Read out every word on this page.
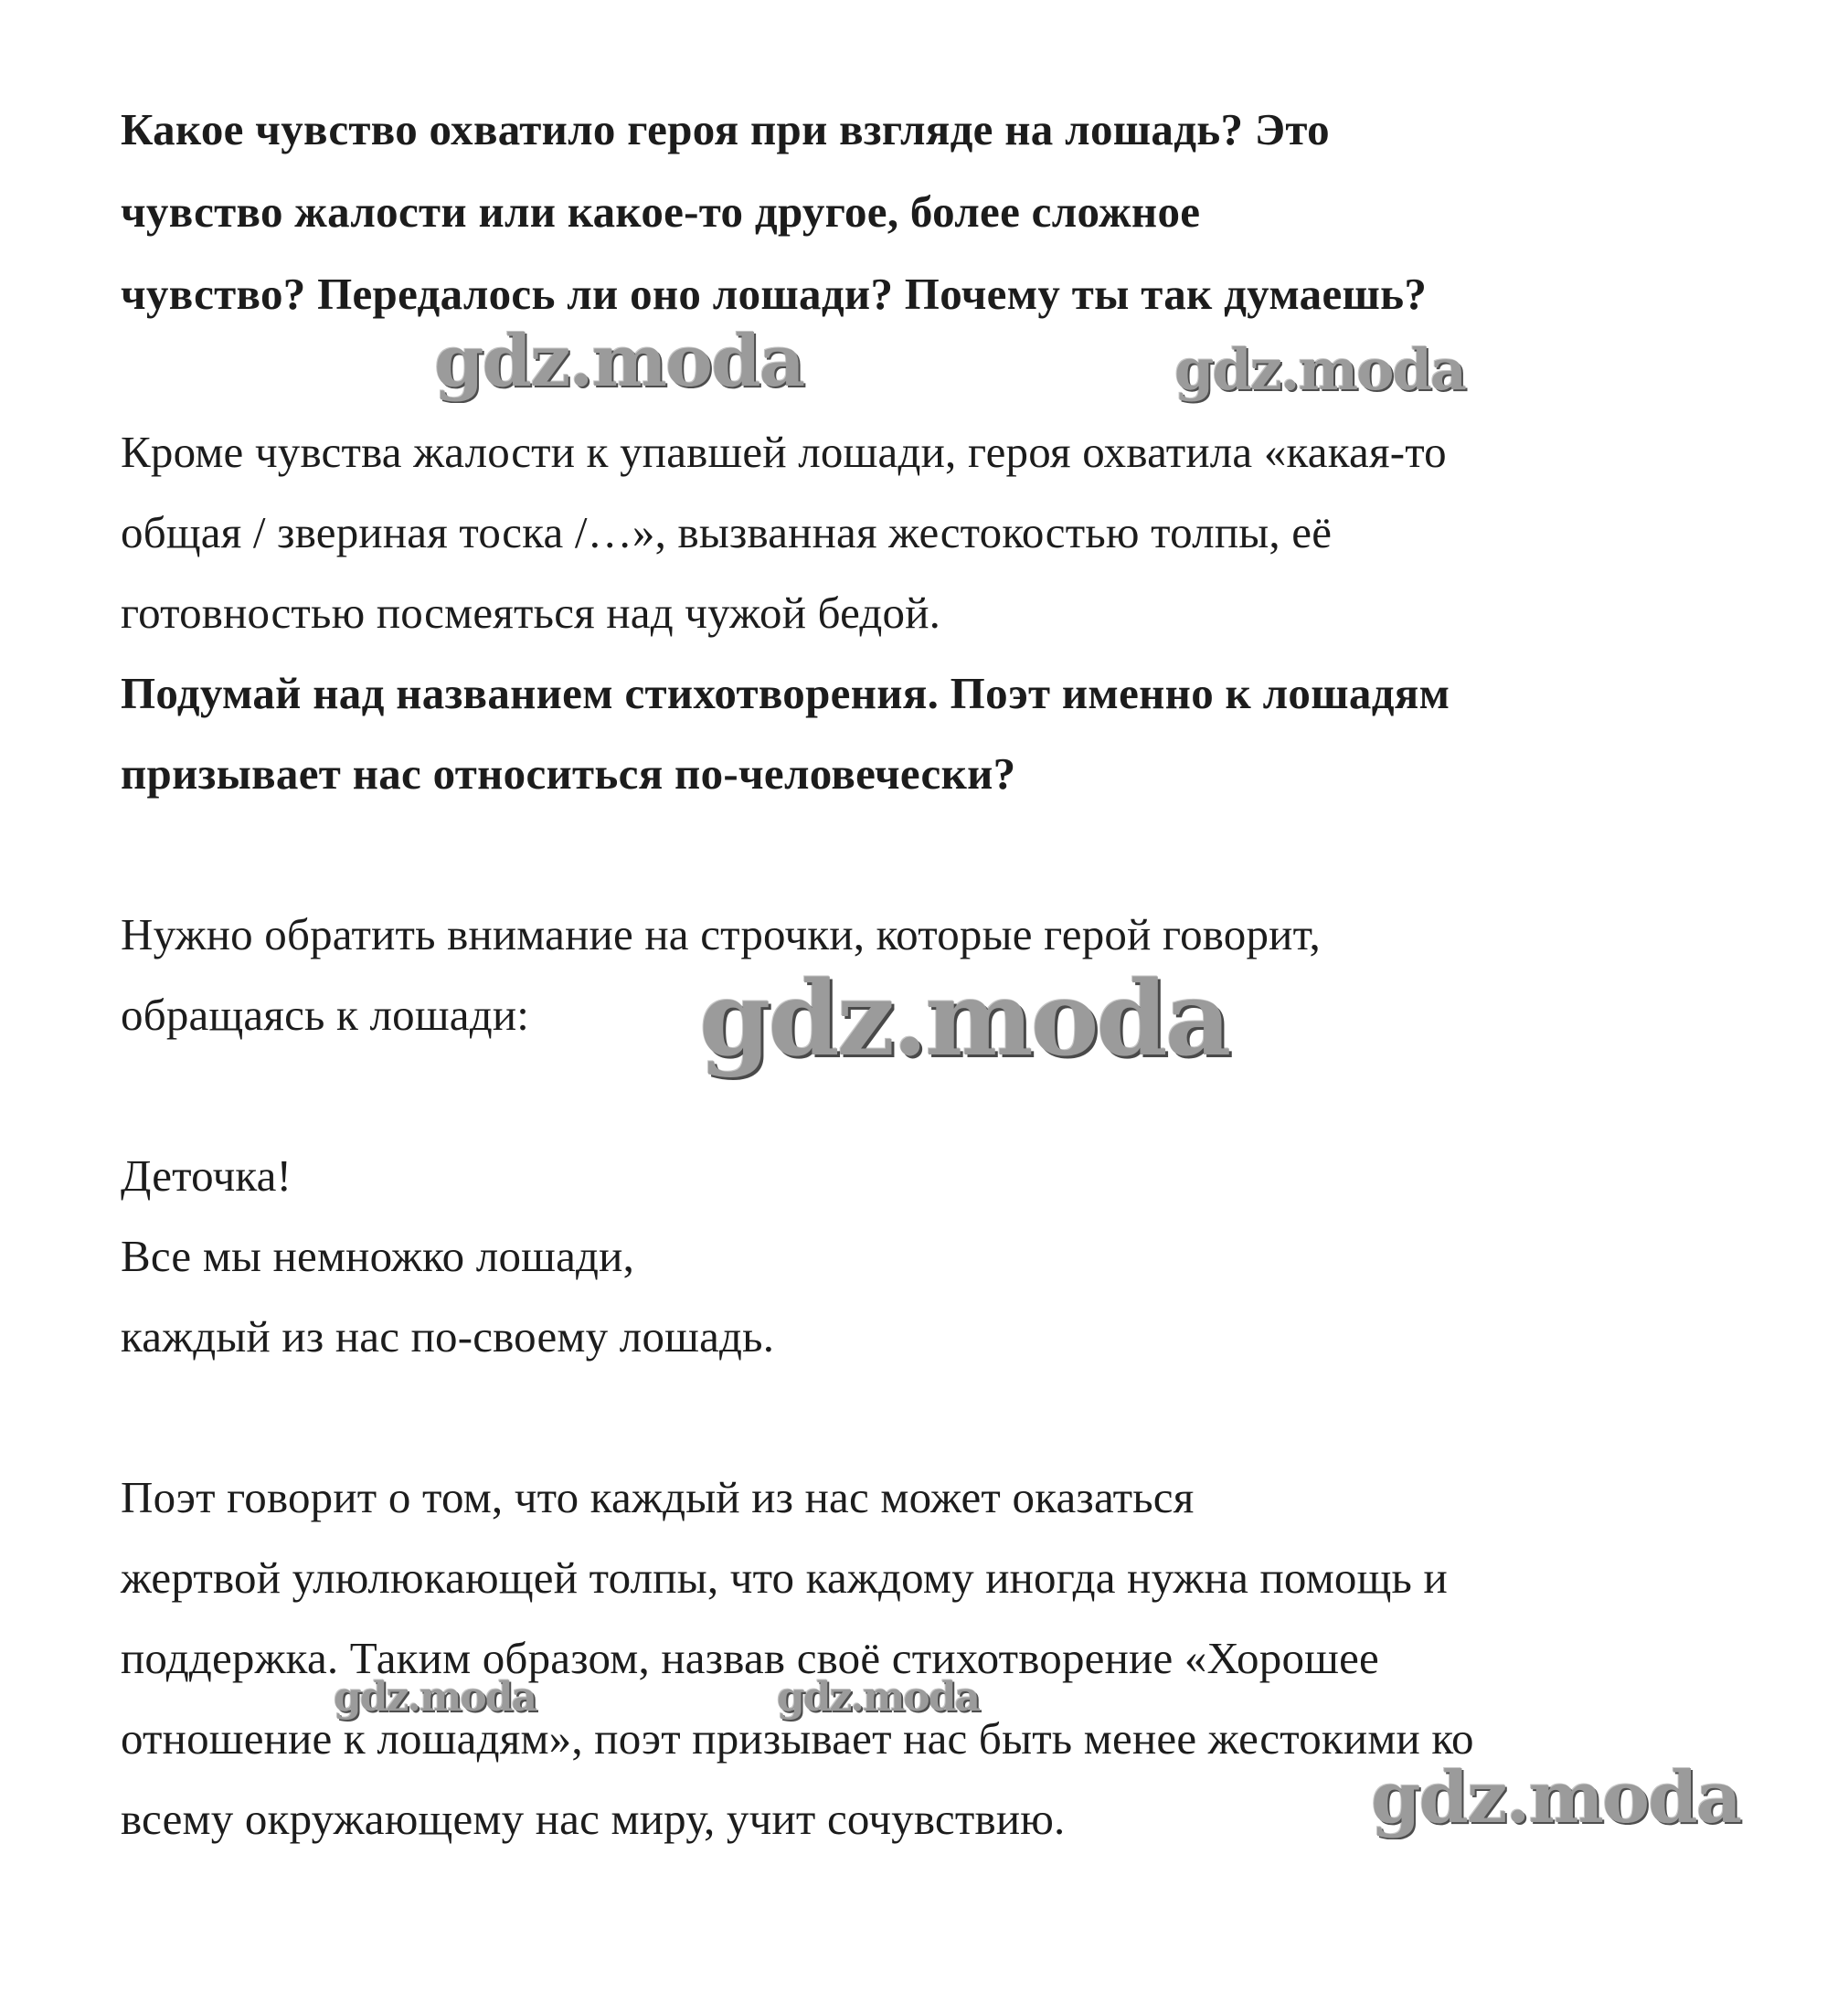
Какое чувство охватило героя при взгляде на лошадь? Это
чувство жалости или какое-то другое, более сложное
чувство? Передалось ли оно лошади? Почему ты так думаешь?
Кроме чувства жалости к упавшей лошади, героя охватила «какая-то
общая / звериная тоска /…», вызванная жестокостью толпы, её
готовностью посмеяться над чужой бедой.
Подумай над названием стихотворения. Поэт именно к лошадям
призывает нас относиться по-человечески?
Нужно обратить внимание на строчки, которые герой говорит,
обращаясь к лошади:
Деточка!
Все мы немножко лошади,
каждый из нас по-своему лошадь.
Поэт говорит о том, что каждый из нас может оказаться
жертвой улюлюкающей толпы, что каждому иногда нужна помощь и
поддержка. Таким образом, назвав своё стихотворение «Хорошее
отношение к лошадям», поэт призывает нас быть менее жестокими ко
всему окружающему нас миру, учит сочувствию.
gdz.moda	gdz.moda
gdz.moda
gdz.moda	gdz.moda
gdz.moda
